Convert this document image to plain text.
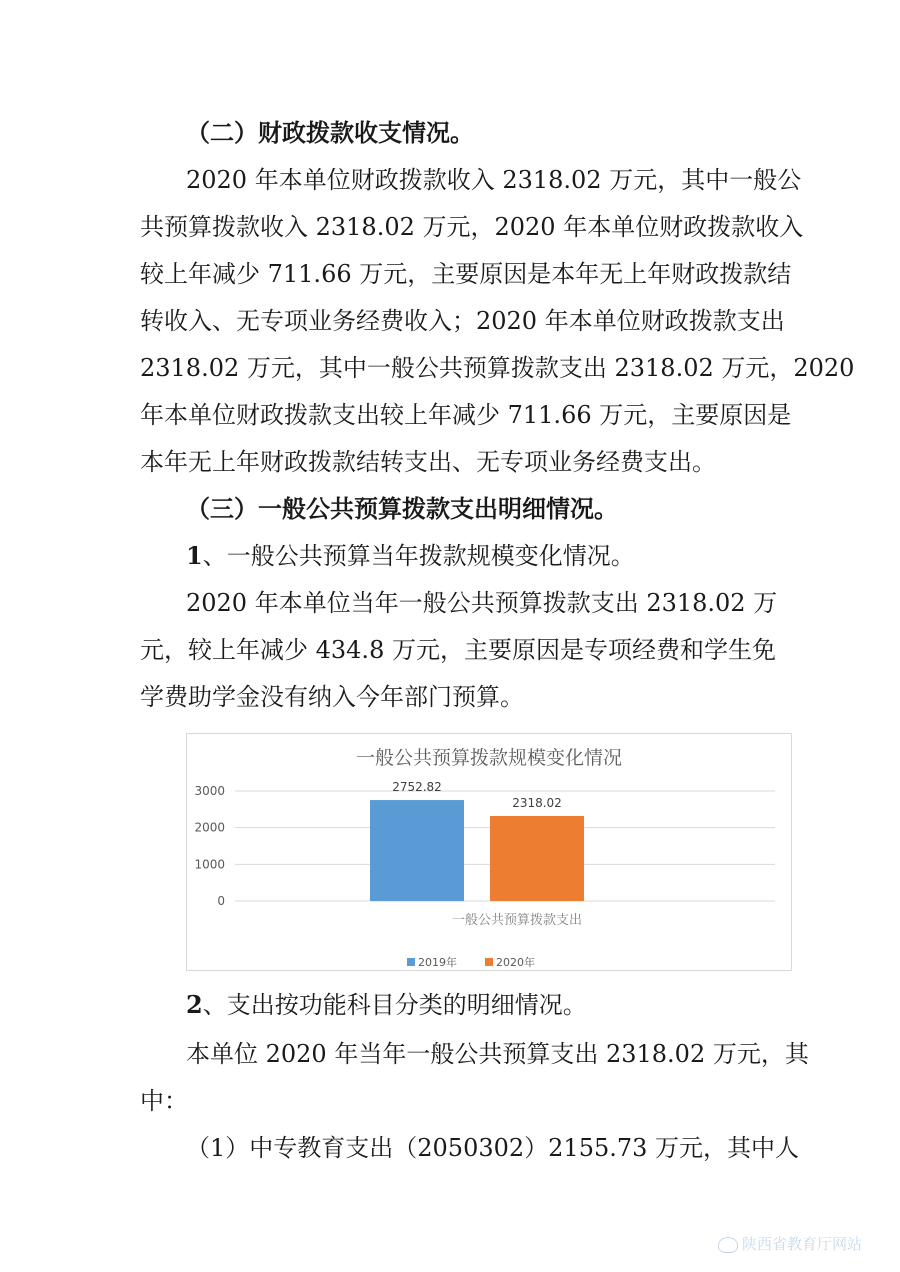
（二）财政拨款收支情况。
2020 年本单位财政拨款收入 2318.02 万元，其中一般公
共预算拨款收入 2318.02 万元，2020 年本单位财政拨款收入
较上年减少 711.66 万元，主要原因是本年无上年财政拨款结
转收入、无专项业务经费收入；2020 年本单位财政拨款支出
2318.02 万元，其中一般公共预算拨款支出 2318.02 万元，2020
年本单位财政拨款支出较上年减少 711.66 万元，主要原因是
本年无上年财政拨款结转支出、无专项业务经费支出。
（三）一般公共预算拨款支出明细情况。
1、一般公共预算当年拨款规模变化情况。
2020 年本单位当年一般公共预算拨款支出 2318.02 万
元，较上年减少 434.8 万元，主要原因是专项经费和学生免
学费助学金没有纳入今年部门预算。
一般公共预算拨款规模变化情况
0
1000
2000
3000	2752.82
2318.02
一般公共预算拨款支出
2019年	2020年
2、支出按功能科目分类的明细情况。
本单位 2020 年当年一般公共预算支出 2318.02 万元，其
中：
（1）中专教育支出（2050302）2155.73 万元，其中人
陕西省教育厅网站
